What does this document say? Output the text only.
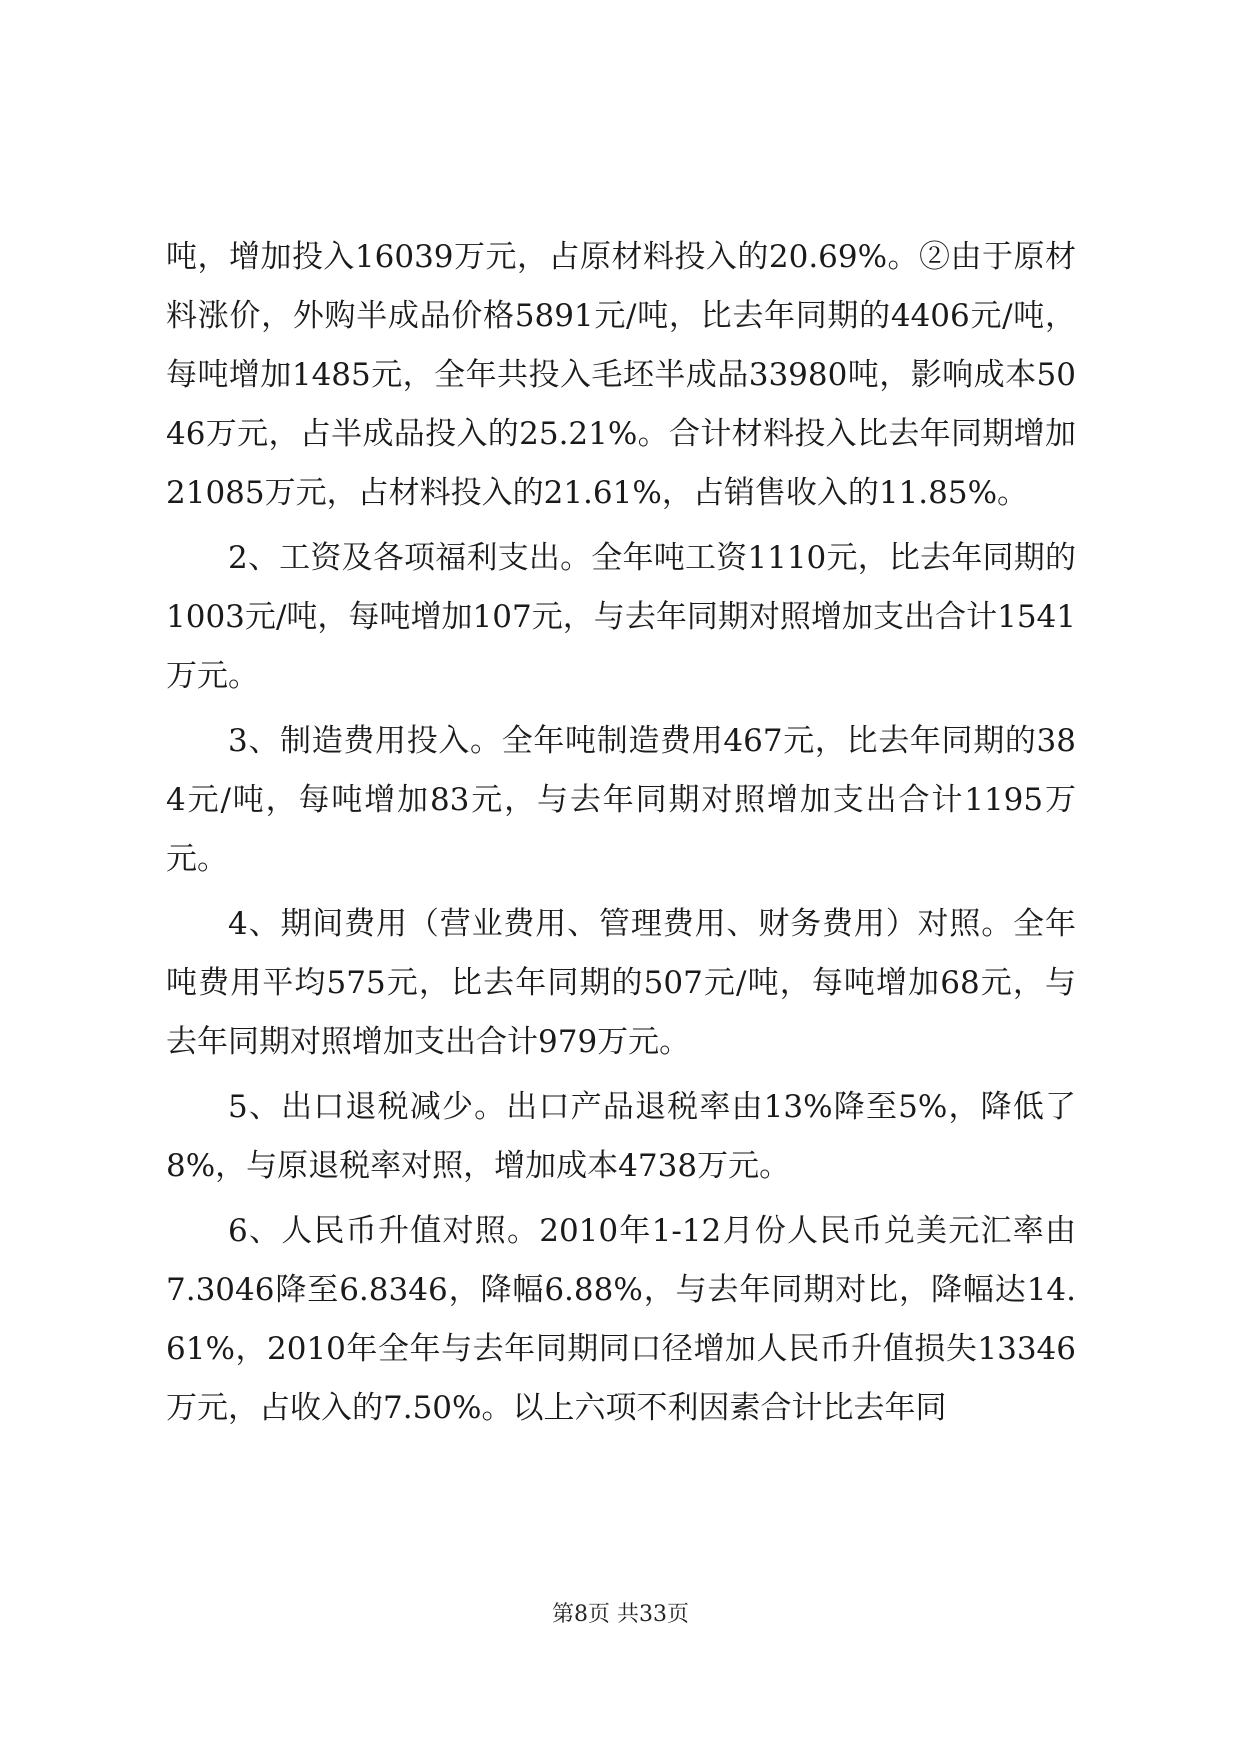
吨，增加投入16039万元，占原材料投入的20.69%。②由于原材料涨价，外购半成品价格5891元/吨，比去年同期的4406元/吨，每吨增加1485元，全年共投入毛坯半成品33980吨，影响成本5046万元，占半成品投入的25.21%。合计材料投入比去年同期增加21085万元，占材料投入的21.61%，占销售收入的11.85%。

2、工资及各项福利支出。全年吨工资1110元，比去年同期的1003元/吨，每吨增加107元，与去年同期对照增加支出合计1541万元。

3、制造费用投入。全年吨制造费用467元，比去年同期的384元/吨，每吨增加83元，与去年同期对照增加支出合计1195万元。

4、期间费用（营业费用、管理费用、财务费用）对照。全年吨费用平均575元，比去年同期的507元/吨，每吨增加68元，与去年同期对照增加支出合计979万元。

5、出口退税减少。出口产品退税率由13%降至5%，降低了8%，与原退税率对照，增加成本4738万元。

6、人民币升值对照。2010年1-12月份人民币兑美元汇率由7.3046降至6.8346，降幅6.88%，与去年同期对比，降幅达14.61%，2010年全年与去年同期同口径增加人民币升值损失13346万元，占收入的7.50%。以上六项不利因素合计比去年同

第8页 共33页
